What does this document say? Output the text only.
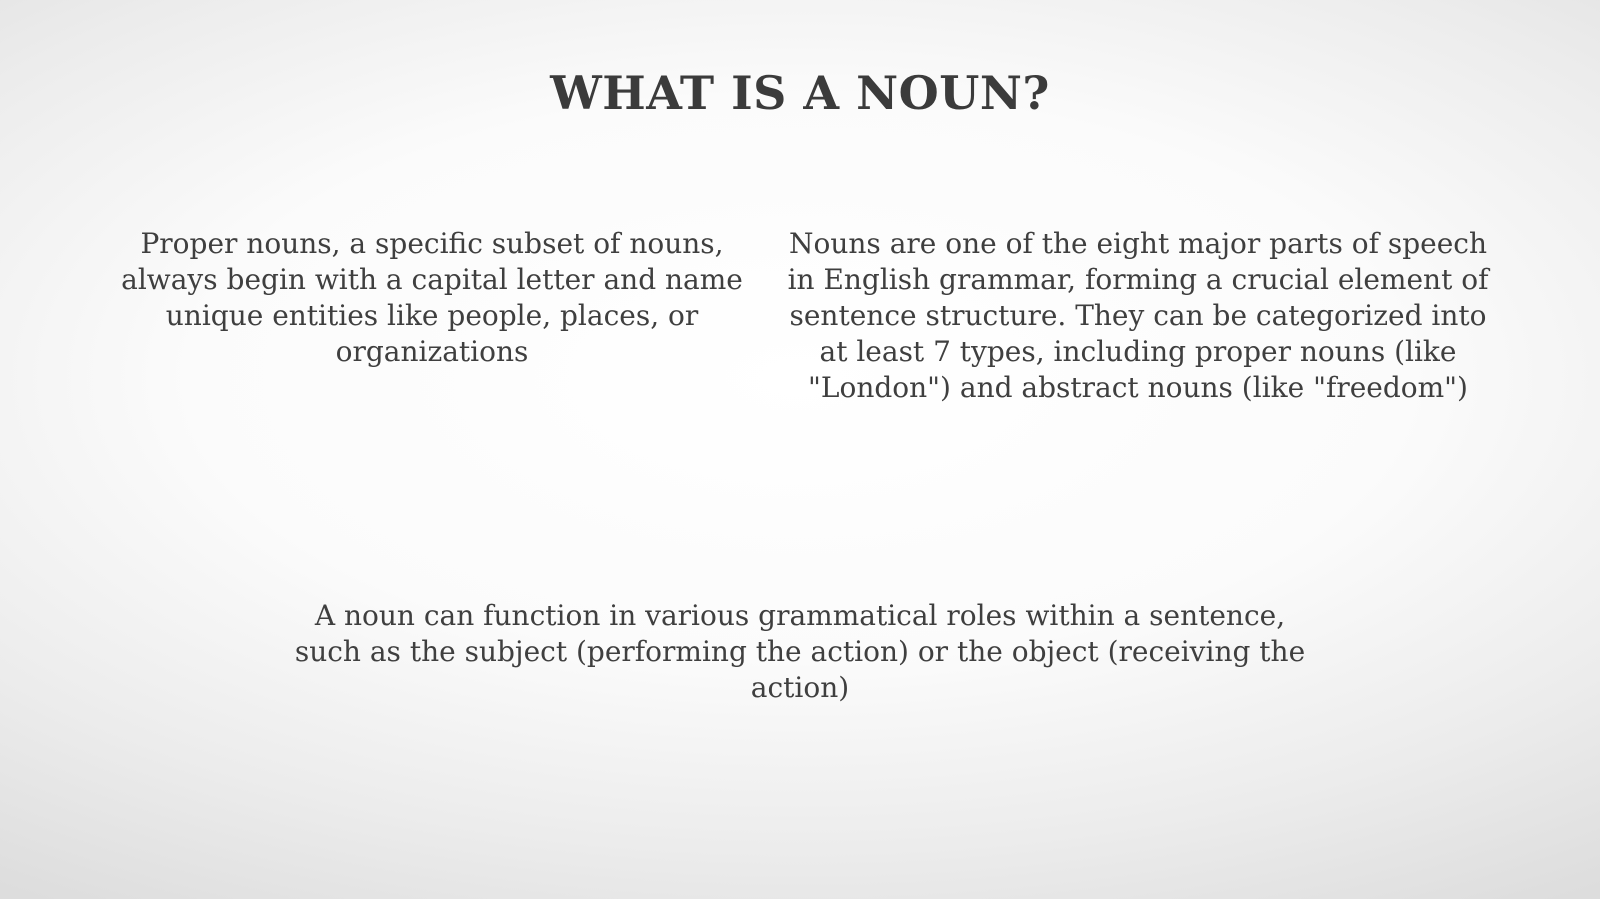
WHAT IS A NOUN?

Proper nouns, a specific subset of nouns, always begin with a capital letter and name unique entities like people, places, or organizations

Nouns are one of the eight major parts of speech in English grammar, forming a crucial element of sentence structure. They can be categorized into at least 7 types, including proper nouns (like "London") and abstract nouns (like "freedom")

A noun can function in various grammatical roles within a sentence, such as the subject (performing the action) or the object (receiving the action)
